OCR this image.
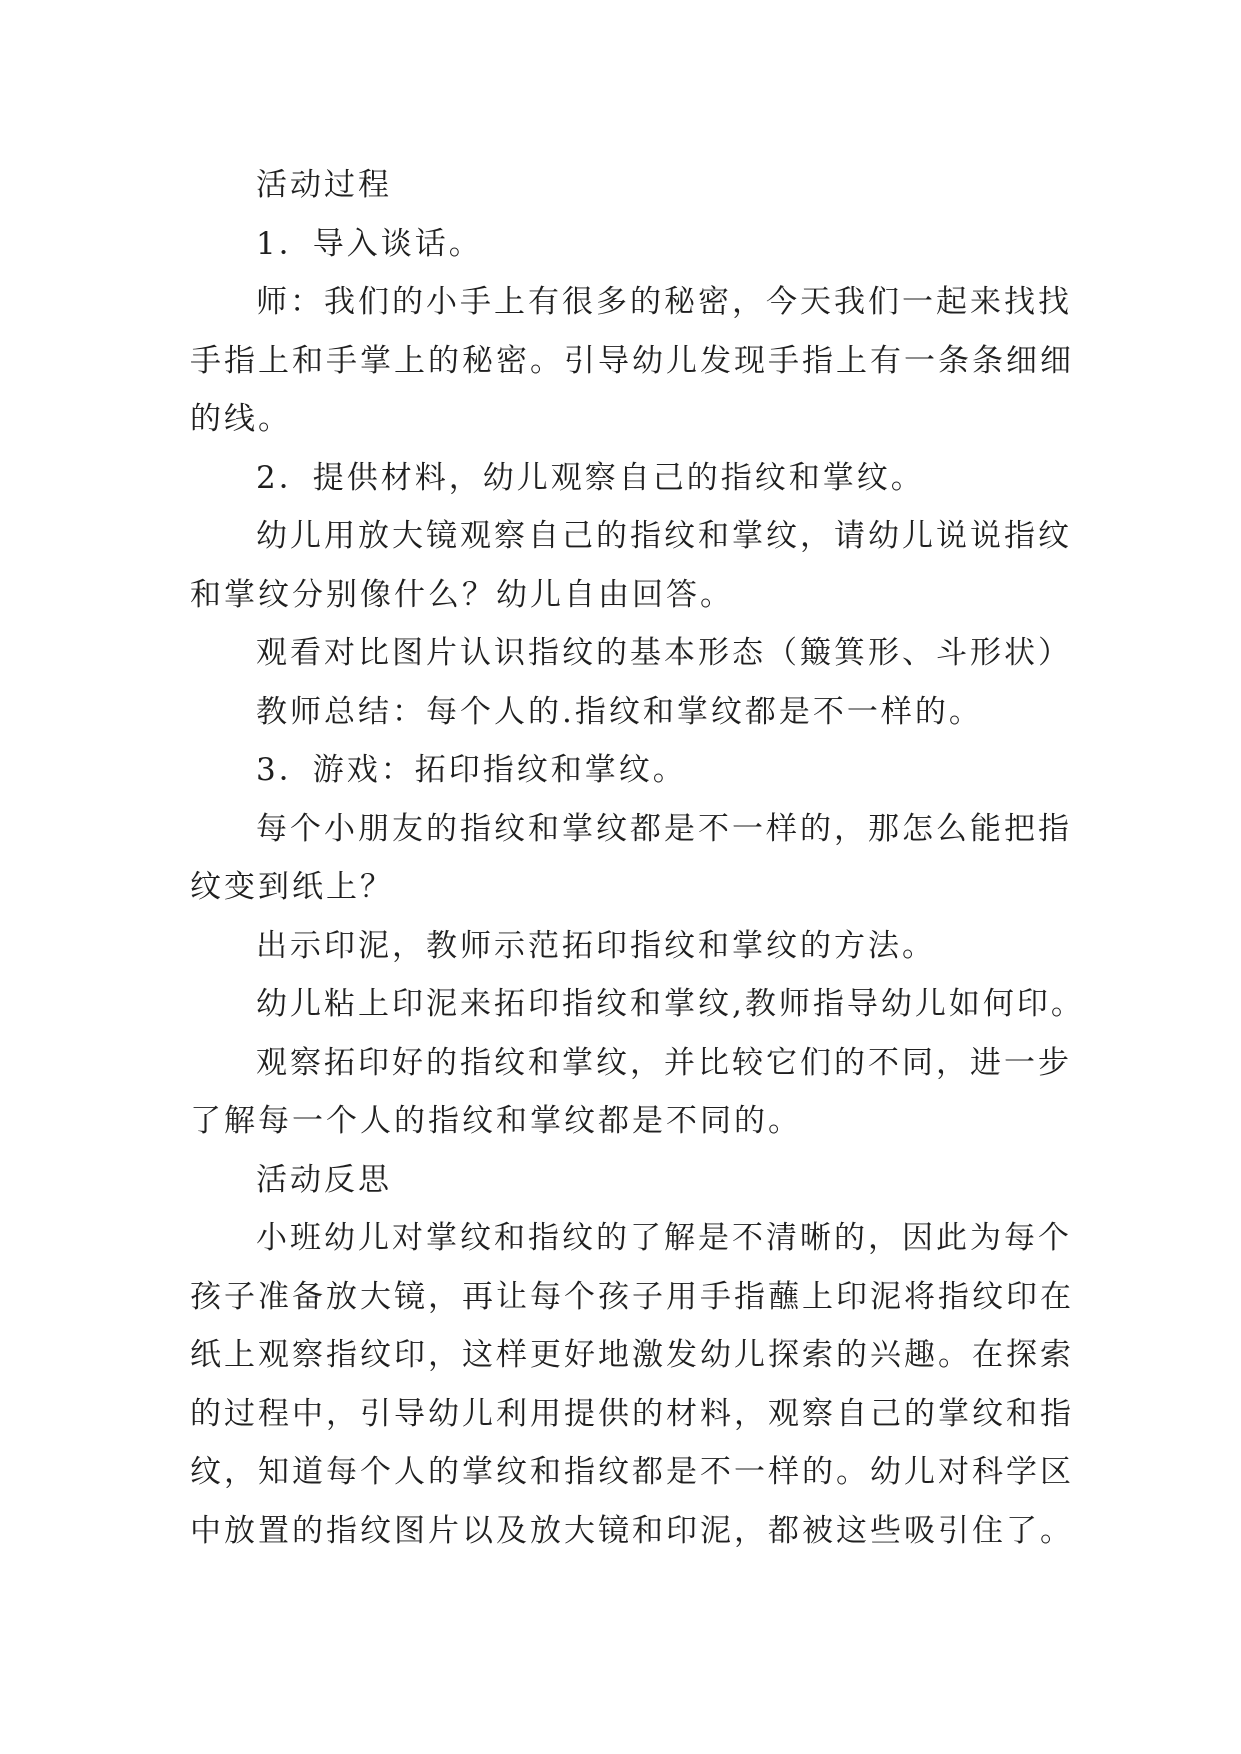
活动过程

1．导入谈话。

师：我们的小手上有很多的秘密，今天我们一起来找找
手指上和手掌上的秘密。引导幼儿发现手指上有一条条细细
的线。

2．提供材料，幼儿观察自己的指纹和掌纹。

幼儿用放大镜观察自己的指纹和掌纹，请幼儿说说指纹
和掌纹分别像什么？幼儿自由回答。

观看对比图片认识指纹的基本形态（簸箕形、斗形状）

教师总结：每个人的.指纹和掌纹都是不一样的。

3．游戏：拓印指纹和掌纹。

每个小朋友的指纹和掌纹都是不一样的，那怎么能把指
纹变到纸上？

出示印泥，教师示范拓印指纹和掌纹的方法。

幼儿粘上印泥来拓印指纹和掌纹,教师指导幼儿如何印。

观察拓印好的指纹和掌纹，并比较它们的不同，进一步
了解每一个人的指纹和掌纹都是不同的。

活动反思

小班幼儿对掌纹和指纹的了解是不清晰的，因此为每个
孩子准备放大镜，再让每个孩子用手指蘸上印泥将指纹印在
纸上观察指纹印，这样更好地激发幼儿探索的兴趣。在探索
的过程中，引导幼儿利用提供的材料，观察自己的掌纹和指
纹，知道每个人的掌纹和指纹都是不一样的。幼儿对科学区
中放置的指纹图片以及放大镜和印泥，都被这些吸引住了。
